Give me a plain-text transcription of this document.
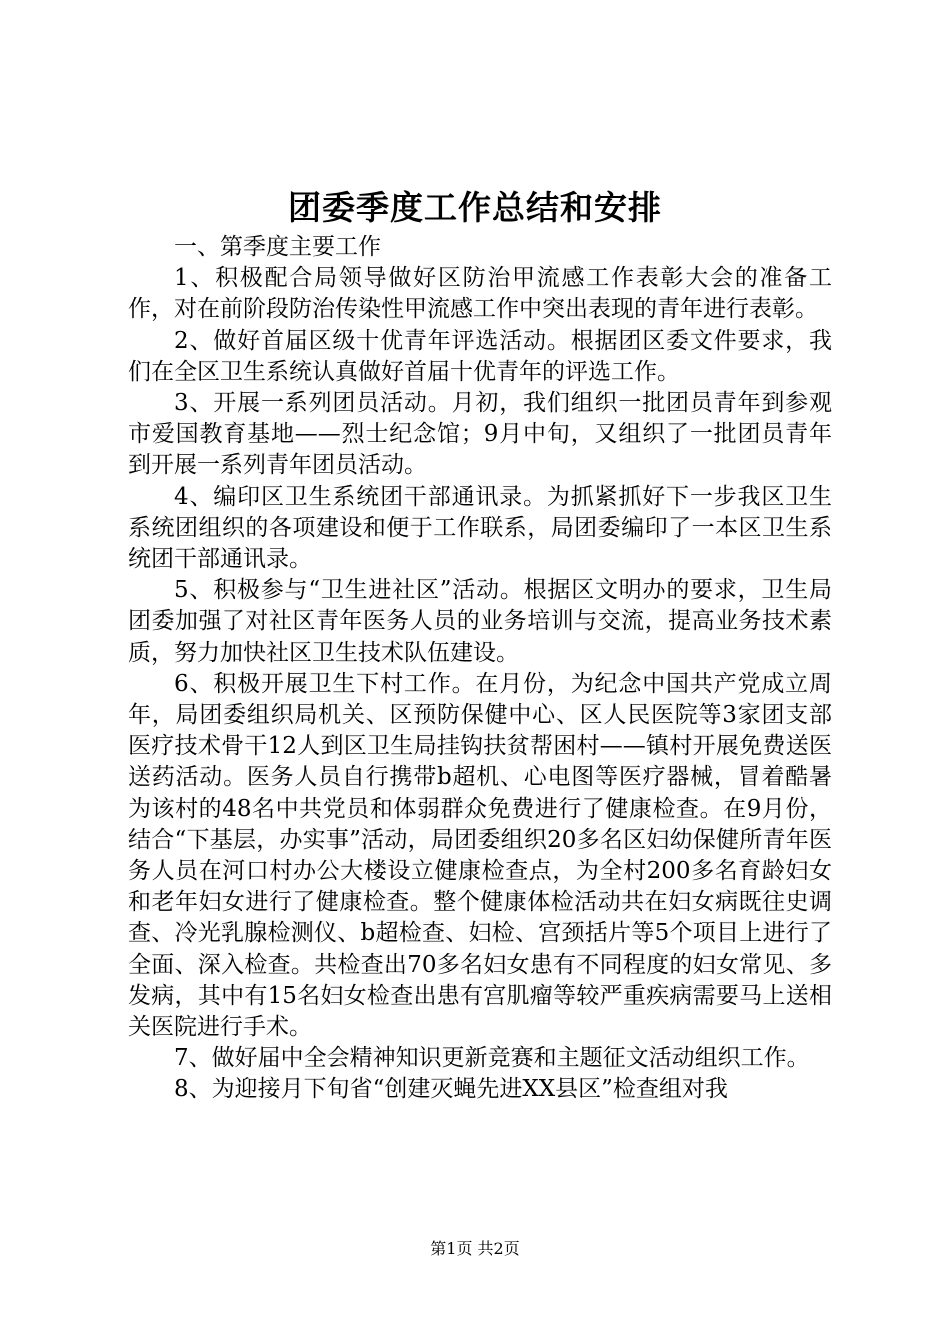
团委季度工作总结和安排

一、第季度主要工作

1、积极配合局领导做好区防治甲流感工作表彰大会的准备工作，对在前阶段防治传染性甲流感工作中突出表现的青年进行表彰。

2、做好首届区级十优青年评选活动。根据团区委文件要求，我们在全区卫生系统认真做好首届十优青年的评选工作。

3、开展一系列团员活动。月初，我们组织一批团员青年到参观市爱国教育基地——烈士纪念馆；9月中旬，又组织了一批团员青年到开展一系列青年团员活动。

4、编印区卫生系统团干部通讯录。为抓紧抓好下一步我区卫生系统团组织的各项建设和便于工作联系，局团委编印了一本区卫生系统团干部通讯录。

5、积极参与“卫生进社区”活动。根据区文明办的要求，卫生局团委加强了对社区青年医务人员的业务培训与交流，提高业务技术素质，努力加快社区卫生技术队伍建设。

6、积极开展卫生下村工作。在月份，为纪念中国共产党成立周年，局团委组织局机关、区预防保健中心、区人民医院等3家团支部医疗技术骨干12人到区卫生局挂钩扶贫帮困村——镇村开展免费送医送药活动。医务人员自行携带b超机、心电图等医疗器械，冒着酷暑为该村的48名中共党员和体弱群众免费进行了健康检查。在9月份，结合“下基层，办实事”活动，局团委组织20多名区妇幼保健所青年医务人员在河口村办公大楼设立健康检查点，为全村200多名育龄妇女和老年妇女进行了健康检查。整个健康体检活动共在妇女病既往史调查、冷光乳腺检测仪、b超检查、妇检、宫颈括片等5个项目上进行了全面、深入检查。共检查出70多名妇女患有不同程度的妇女常见、多发病，其中有15名妇女检查出患有宫肌瘤等较严重疾病需要马上送相关医院进行手术。

7、做好届中全会精神知识更新竞赛和主题征文活动组织工作。

8、为迎接月下旬省“创建灭蝇先进XX县区”检查组对我

第1页 共2页
